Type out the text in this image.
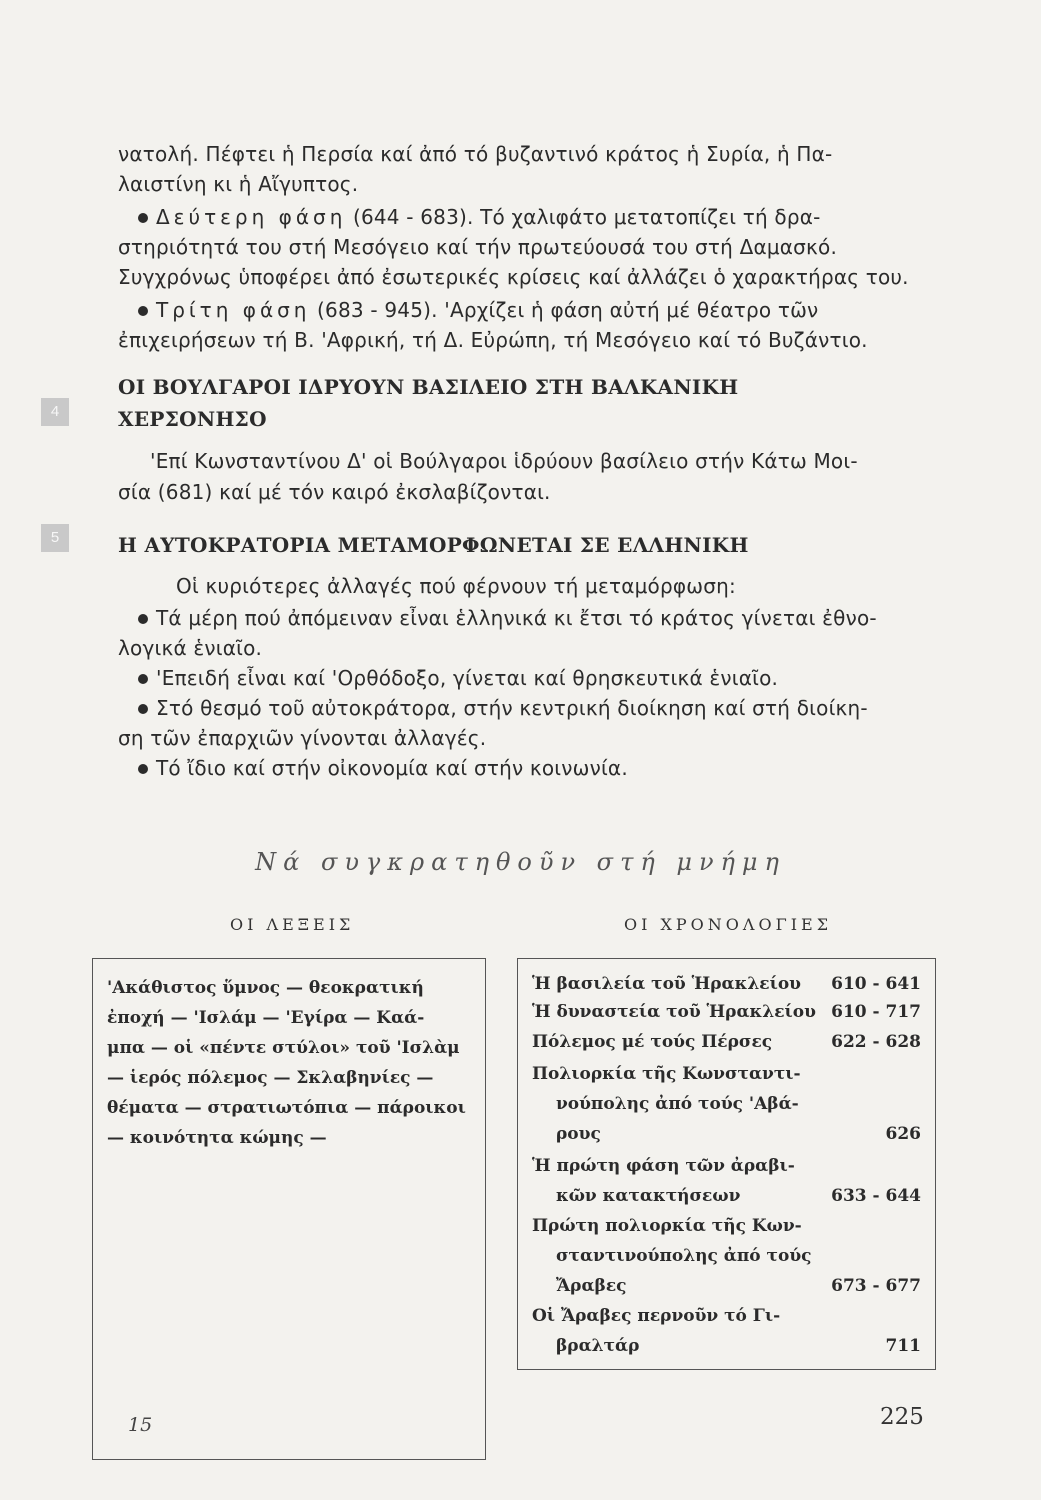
νατολή. Πέφτει ἡ Περσία καί ἀπό τό βυζαντινό κράτος ἡ Συρία, ἡ Πα-
λαιστίνη κι ἡ Αἴγυπτος.
Δεύτερη φάση (644 - 683). Τό χαλιφάτο μετατοπίζει τή δρα-
στηριότητά του στή Μεσόγειο καί τήν πρωτεύουσά του στή Δαμασκό.
Συγχρόνως ὑποφέρει ἀπό ἐσωτερικές κρίσεις καί ἀλλάζει ὁ χαρακτήρας του.
Τρίτη φάση (683 - 945). 'Αρχίζει ἡ φάση αὐτή μέ θέατρο τῶν
ἐπιχειρήσεων τή Β. 'Αφρική, τή Δ. Εὐρώπη, τή Μεσόγειο καί τό Βυζάντιο.
4
ΟΙ ΒΟΥΛΓΑΡΟΙ ΙΔΡΥΟΥΝ ΒΑΣΙΛΕΙΟ ΣΤΗ ΒΑΛΚΑΝΙΚΗ
ΧΕΡΣΟΝΗΣΟ
'Επί Κωνσταντίνου Δ' οἱ Βούλγαροι ἱδρύουν βασίλειο στήν Κάτω Μοι-
σία (681) καί μέ τόν καιρό ἐκσλαβίζονται.
5	Η ΑΥΤΟΚΡΑΤΟΡΙΑ ΜΕΤΑΜΟΡΦΩΝΕΤΑΙ ΣΕ ΕΛΛΗΝΙΚΗ
Οἱ κυριότερες ἀλλαγές πού φέρνουν τή μεταμόρφωση:
Τά μέρη πού ἀπόμειναν εἶναι ἑλληνικά κι ἔτσι τό κράτος γίνεται ἐθνο-
λογικά ἑνιαῖο.
'Επειδή εἶναι καί 'Ορθόδοξο, γίνεται καί θρησκευτικά ἑνιαῖο.
Στό θεσμό τοῦ αὐτοκράτορα, στήν κεντρική διοίκηση καί στή διοίκη-
ση τῶν ἐπαρχιῶν γίνονται ἀλλαγές.
Τό ἴδιο καί στήν οἰκονομία καί στήν κοινωνία.
Νά συγκρατηθοῦν στή μνήμη
ΟΙ ΛΕΞΕΙΣ	ΟΙ ΧΡΟΝΟΛΟΓΙΕΣ
'Ακάθιστος ὕμνος — θεοκρατική
ἐποχή — 'Ισλάμ — 'Εγίρα — Καά-
μπα — οἱ «πέντε στύλοι» τοῦ 'Ισλὰμ
— ἱερός πόλεμος — Σκλαβηνίες —
θέματα — στρατιωτόπια — πάροικοι
— κοινότητα κώμης —
Ἡ βασιλεία τοῦ Ἡρακλείου 610 - 641
Ἡ δυναστεία τοῦ Ἡρακλείου 610 - 717
Πόλεμος μέ τούς Πέρσες	622 - 628
Πολιορκία τῆς Κωνσταντι-
νούπολης ἀπό τούς 'Αβά-
ρους	626
Ἡ πρώτη φάση τῶν ἀραβι-
κῶν κατακτήσεων	633 - 644
Πρώτη πολιορκία τῆς Κων-
σταντινούπολης ἀπό τούς
Ἄραβες	673 - 677
Οἱ Ἄραβες περνοῦν τό Γι-
βραλτάρ	711
15	225
